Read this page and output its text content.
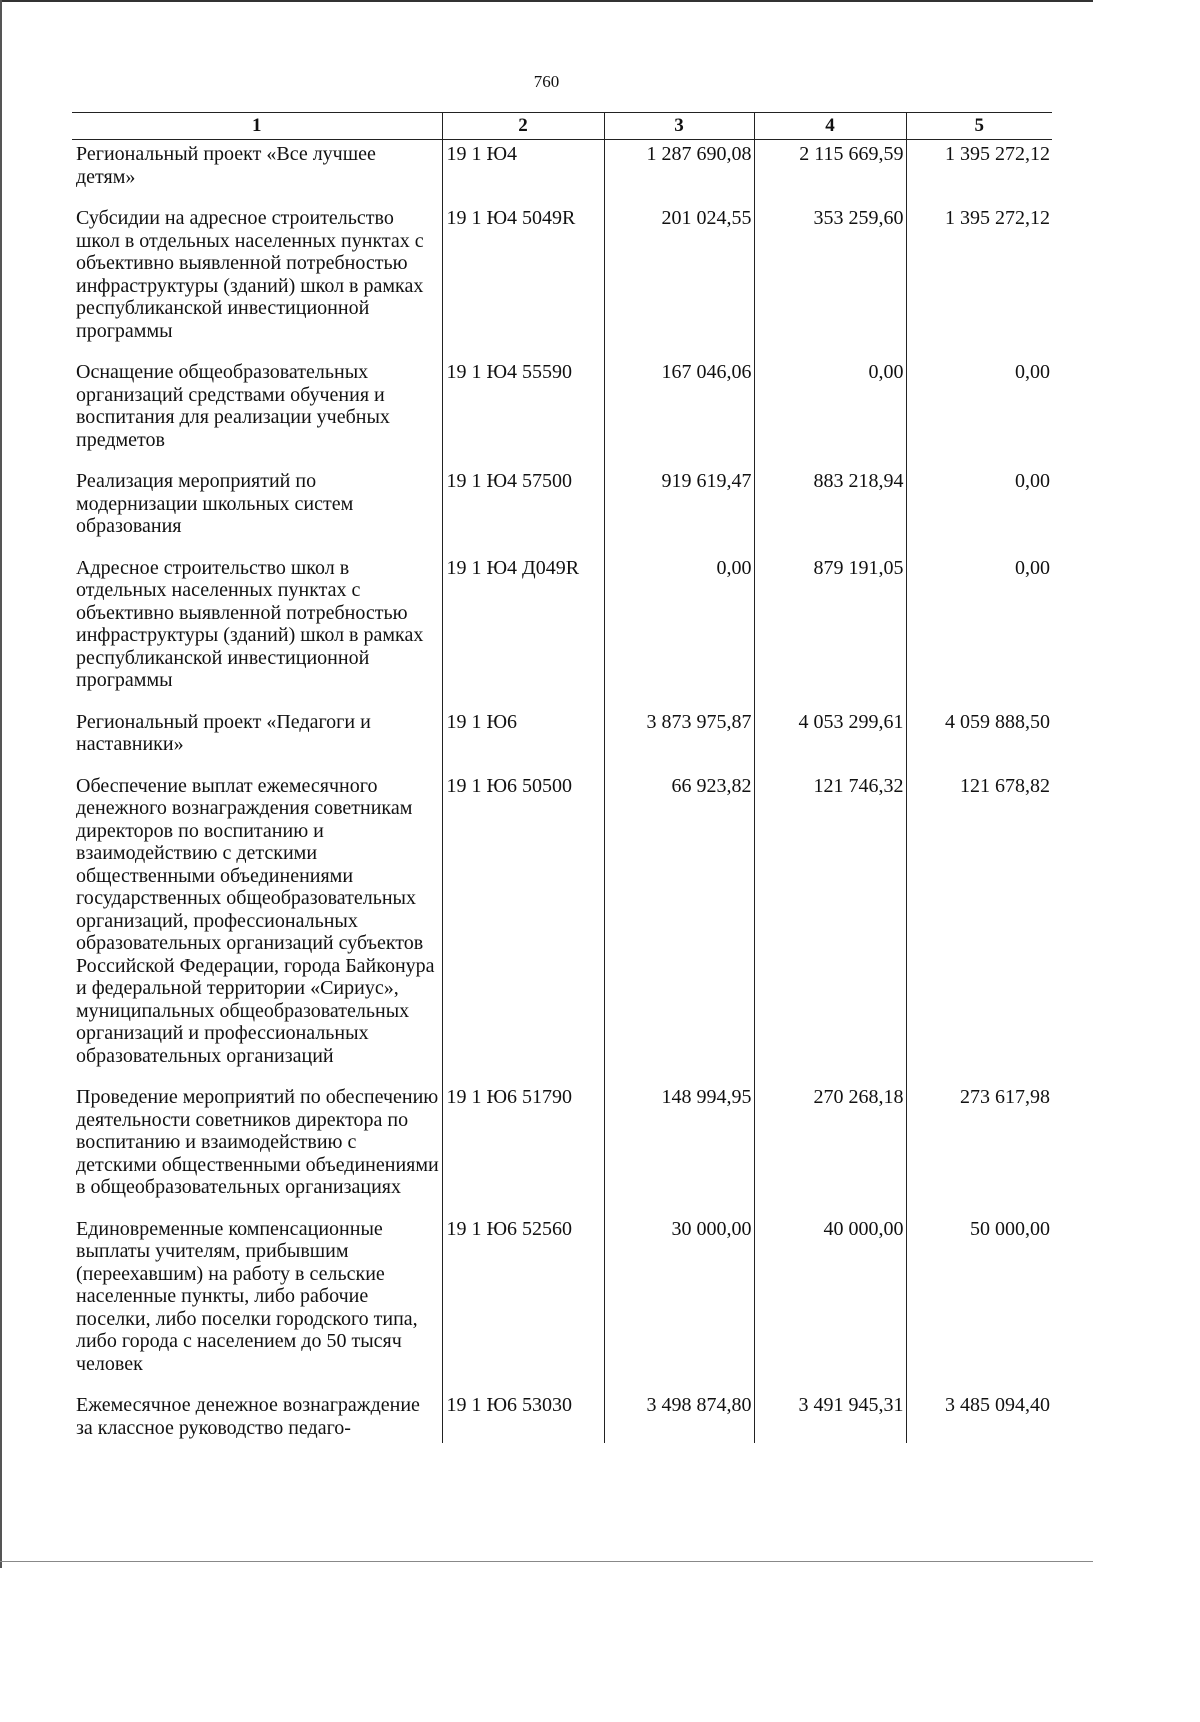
760
1	2	3	4	5
Региональный проект «Все лучшее детям»	19 1 Ю4	1 287 690,08	2 115 669,59	1 395 272,12
Субсидии на адресное строительство школ в отдельных населенных пунктах с объективно выявленной потребностью инфраструктуры (зданий) школ в рамках республиканской инвестиционной программы	19 1 Ю4 5049R	201 024,55	353 259,60	1 395 272,12
Оснащение общеобразовательных организаций средствами обучения и воспитания для реализации учебных предметов	19 1 Ю4 55590	167 046,06	0,00	0,00
Реализация мероприятий по модернизации школьных систем образования	19 1 Ю4 57500	919 619,47	883 218,94	0,00
Адресное строительство школ в отдельных населенных пунктах с объективно выявленной потребностью инфраструктуры (зданий) школ в рамках республиканской инвестиционной программы	19 1 Ю4 Д049R	0,00	879 191,05	0,00
Региональный проект «Педагоги и наставники»	19 1 Ю6	3 873 975,87	4 053 299,61	4 059 888,50
Обеспечение выплат ежемесячного денежного вознаграждения советникам директоров по воспитанию и взаимодействию с детскими общественными объединениями государственных общеобразовательных организаций, профессиональных образовательных организаций субъектов Российской Федерации, города Байконура и федеральной территории «Сириус», муниципальных общеобразовательных организаций и профессиональных образовательных организаций	19 1 Ю6 50500	66 923,82	121 746,32	121 678,82
Проведение мероприятий по обеспечению деятельности советников директора по воспитанию и взаимодействию с детскими общественными объединениями в общеобразовательных организациях	19 1 Ю6 51790	148 994,95	270 268,18	273 617,98
Единовременные компенсационные выплаты учителям, прибывшим (переехавшим) на работу в сельские населенные пункты, либо рабочие поселки, либо поселки городского типа, либо города с населением до 50 тысяч человек	19 1 Ю6 52560	30 000,00	40 000,00	50 000,00
Ежемесячное денежное вознаграждение за классное руководство педаго-	19 1 Ю6 53030	3 498 874,80	3 491 945,31	3 485 094,40
